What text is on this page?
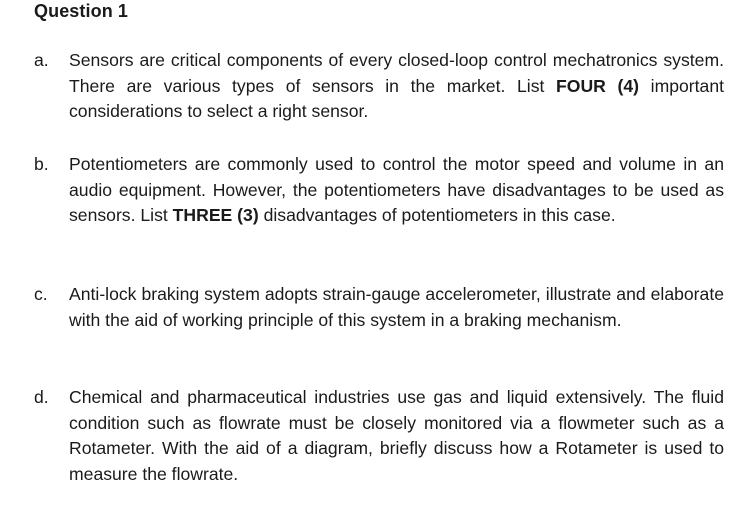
Question 1
a. Sensors are critical components of every closed-loop control mechatronics system. There are various types of sensors in the market. List FOUR (4) important considerations to select a right sensor.
b. Potentiometers are commonly used to control the motor speed and volume in an audio equipment. However, the potentiometers have disadvantages to be used as sensors. List THREE (3) disadvantages of potentiometers in this case.
c. Anti-lock braking system adopts strain-gauge accelerometer, illustrate and elaborate with the aid of working principle of this system in a braking mechanism.
d. Chemical and pharmaceutical industries use gas and liquid extensively. The fluid condition such as flowrate must be closely monitored via a flowmeter such as a Rotameter. With the aid of a diagram, briefly discuss how a Rotameter is used to measure the flowrate.
